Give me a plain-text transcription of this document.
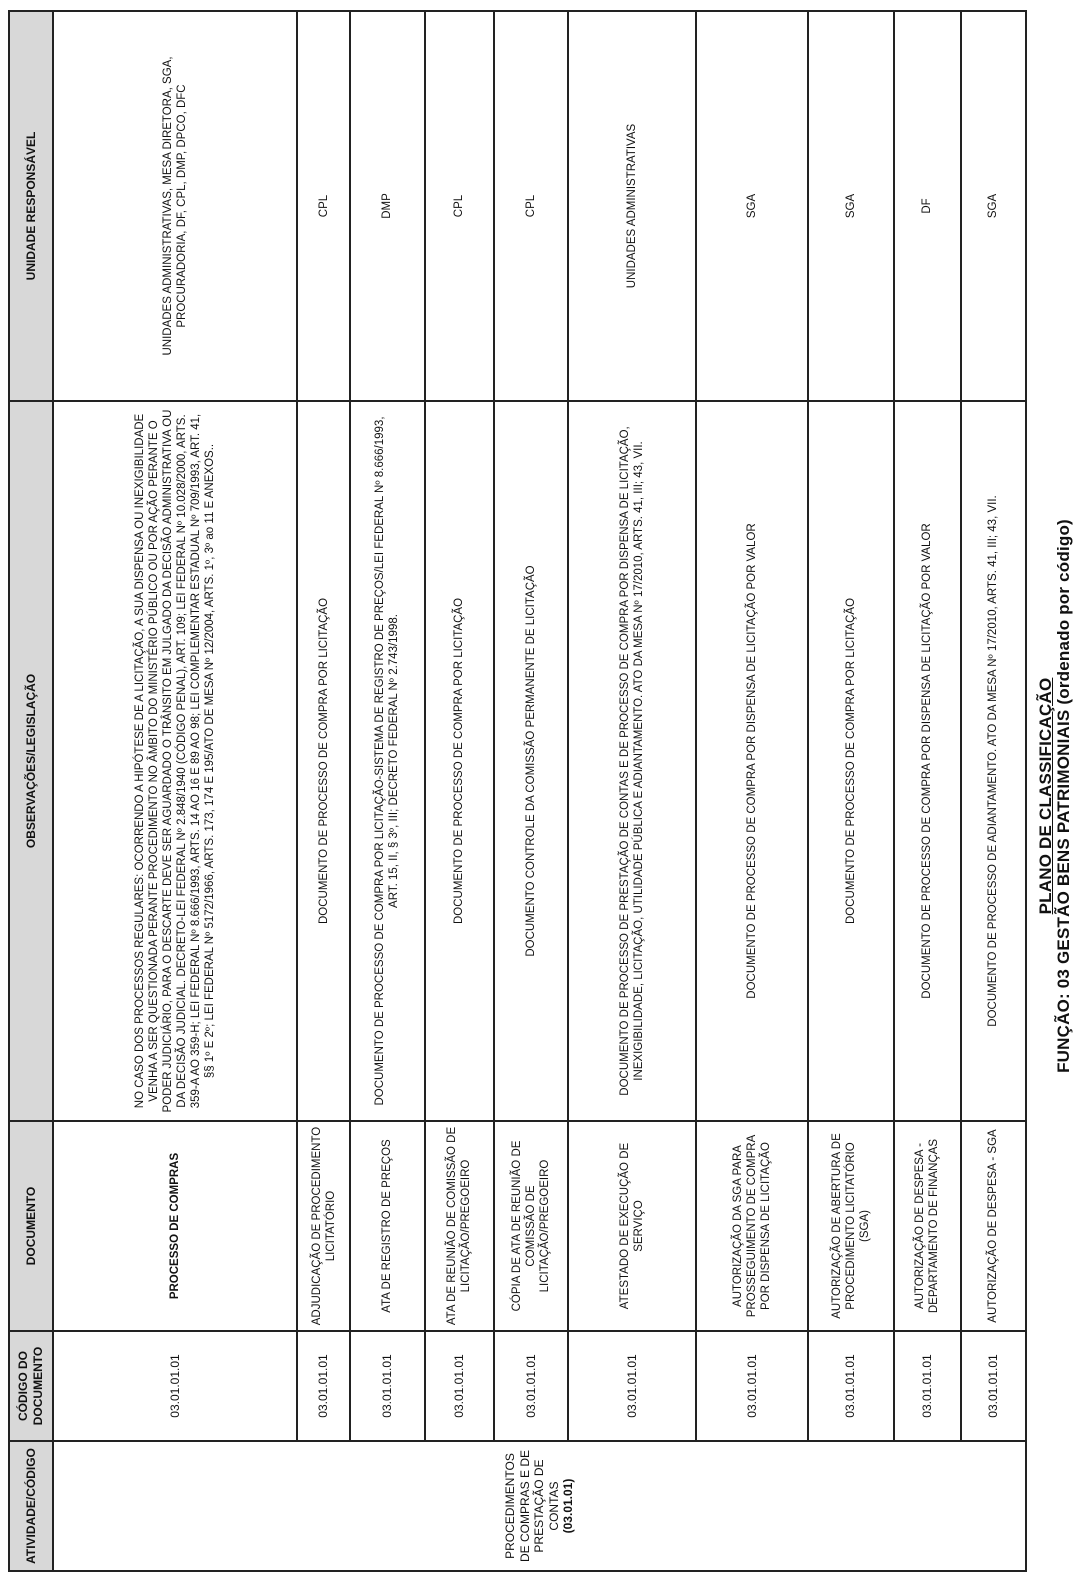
PLANO DE CLASSIFICAÇÃO FUNÇÃO: 03 GESTÃO BENS PATRIMONIAIS (ordenado por código)
ATIVIDADE/CÓDIGO	CÓDIGO DO DOCUMENTO	DOCUMENTO	OBSERVAÇÕES/LEGISLAÇÃO	UNIDADE RESPONSÁVEL

PROCEDIMENTOS DE COMPRAS E DE PRESTAÇÃO DE CONTAS (03.01.01)	03.01.01.01	PROCESSO DE COMPRAS	NO CASO DOS PROCESSOS REGULARES: OCORRENDO A HIPÓTESE DE A LICITAÇÃO, A SUA DISPENSA OU INEXIGIBILIDADE VENHA A SER QUESTIONADA PERANTE PROCEDIMENTO NO ÂMBITO DO MINISTÉRIO PÚBLICO OU POR AÇÃO PERANTE O PODER JUDICIÁRIO, PARA O DESCARTE DEVE SER AGUARDADO O TRÂNSITO EM JULGADO DA DECISÃO ADMINISTRATIVA OU DA DECISÃO JUDICIAL. DECRETO-LEI FEDERAL Nº 2.848/1940 (CÓDIGO PENAL), ART. 109; LEI FEDERAL Nº 10.028/2000, ARTS. 359-A AO 359-H; LEI FEDERAL Nº 8.666/1993, ARTS. 14 AO 16 E 89 AO 98; LEI COMPLEMENTAR ESTADUAL Nº 709/1993, ART. 41, §§ 1º E 2º; LEI FEDERAL Nº 5172/1966, ARTS. 173, 174 E 195/ATO DE MESA Nº 12/2004, ARTS. 1º, 3º ao 11 E ANEXOS..	UNIDADES ADMINISTRATIVAS, MESA DIRETORA, SGA, PROCURADORIA, DF, CPL, DMP, DPCO, DFC
	03.01.01.01	ADJUDICAÇÃO DE PROCEDIMENTO LICITATÓRIO	DOCUMENTO DE PROCESSO DE COMPRA POR LICITAÇÃO	CPL
	03.01.01.01	ATA DE REGISTRO DE PREÇOS	DOCUMENTO DE PROCESSO DE COMPRA POR LICITAÇÃO-SISTEMA DE REGISTRO DE PREÇOS/LEI FEDERAL Nº 8.666/1993, ART. 15, II, § 3º, III; DECRETO FEDERAL Nº 2.743/1998.	DMP
	03.01.01.01	ATA DE REUNIÃO DE COMISSÃO DE LICITAÇÃO/PREGOEIRO	DOCUMENTO DE PROCESSO DE COMPRA POR LICITAÇÃO	CPL
	03.01.01.01	CÓPIA DE ATA DE REUNIÃO DE COMISSÃO DE LICITAÇÃO/PREGOEIRO	DOCUMENTO CONTROLE DA COMISSÃO PERMANENTE DE LICITAÇÃO	CPL
	03.01.01.01	ATESTADO DE EXECUÇÃO DE SERVIÇO	DOCUMENTO DE PROCESSO DE PRESTAÇÃO DE CONTAS E DE PROCESSO DE COMPRA POR DISPENSA DE LICITAÇÃO, INEXIGIBILIDADE, LICITAÇÃO, UTILIDADE PÚBLICA E ADIANTAMENTO. ATO DA MESA Nº 17/2010, ARTS. 41, III; 43, VII.	UNIDADES ADMINISTRATIVAS
	03.01.01.01	AUTORIZAÇÃO DA SGA PARA PROSSEGUIMENTO DE COMPRA POR DISPENSA DE LICITAÇÃO	DOCUMENTO DE PROCESSO DE COMPRA POR DISPENSA DE LICITAÇÃO POR VALOR	SGA
	03.01.01.01	AUTORIZAÇÃO DE ABERTURA DE PROCEDIMENTO LICITATÓRIO (SGA)	DOCUMENTO DE PROCESSO DE COMPRA POR LICITAÇÃO	SGA
	03.01.01.01	AUTORIZAÇÃO DE DESPESA - DEPARTAMENTO DE FINANÇAS	DOCUMENTO DE PROCESSO DE COMPRA POR DISPENSA DE LICITAÇÃO POR VALOR	DF
	03.01.01.01	AUTORIZAÇÃO DE DESPESA - SGA	DOCUMENTO DE PROCESSO DE ADIANTAMENTO. ATO DA MESA Nº 17/2010, ARTS. 41, III; 43, VII.	SGA
